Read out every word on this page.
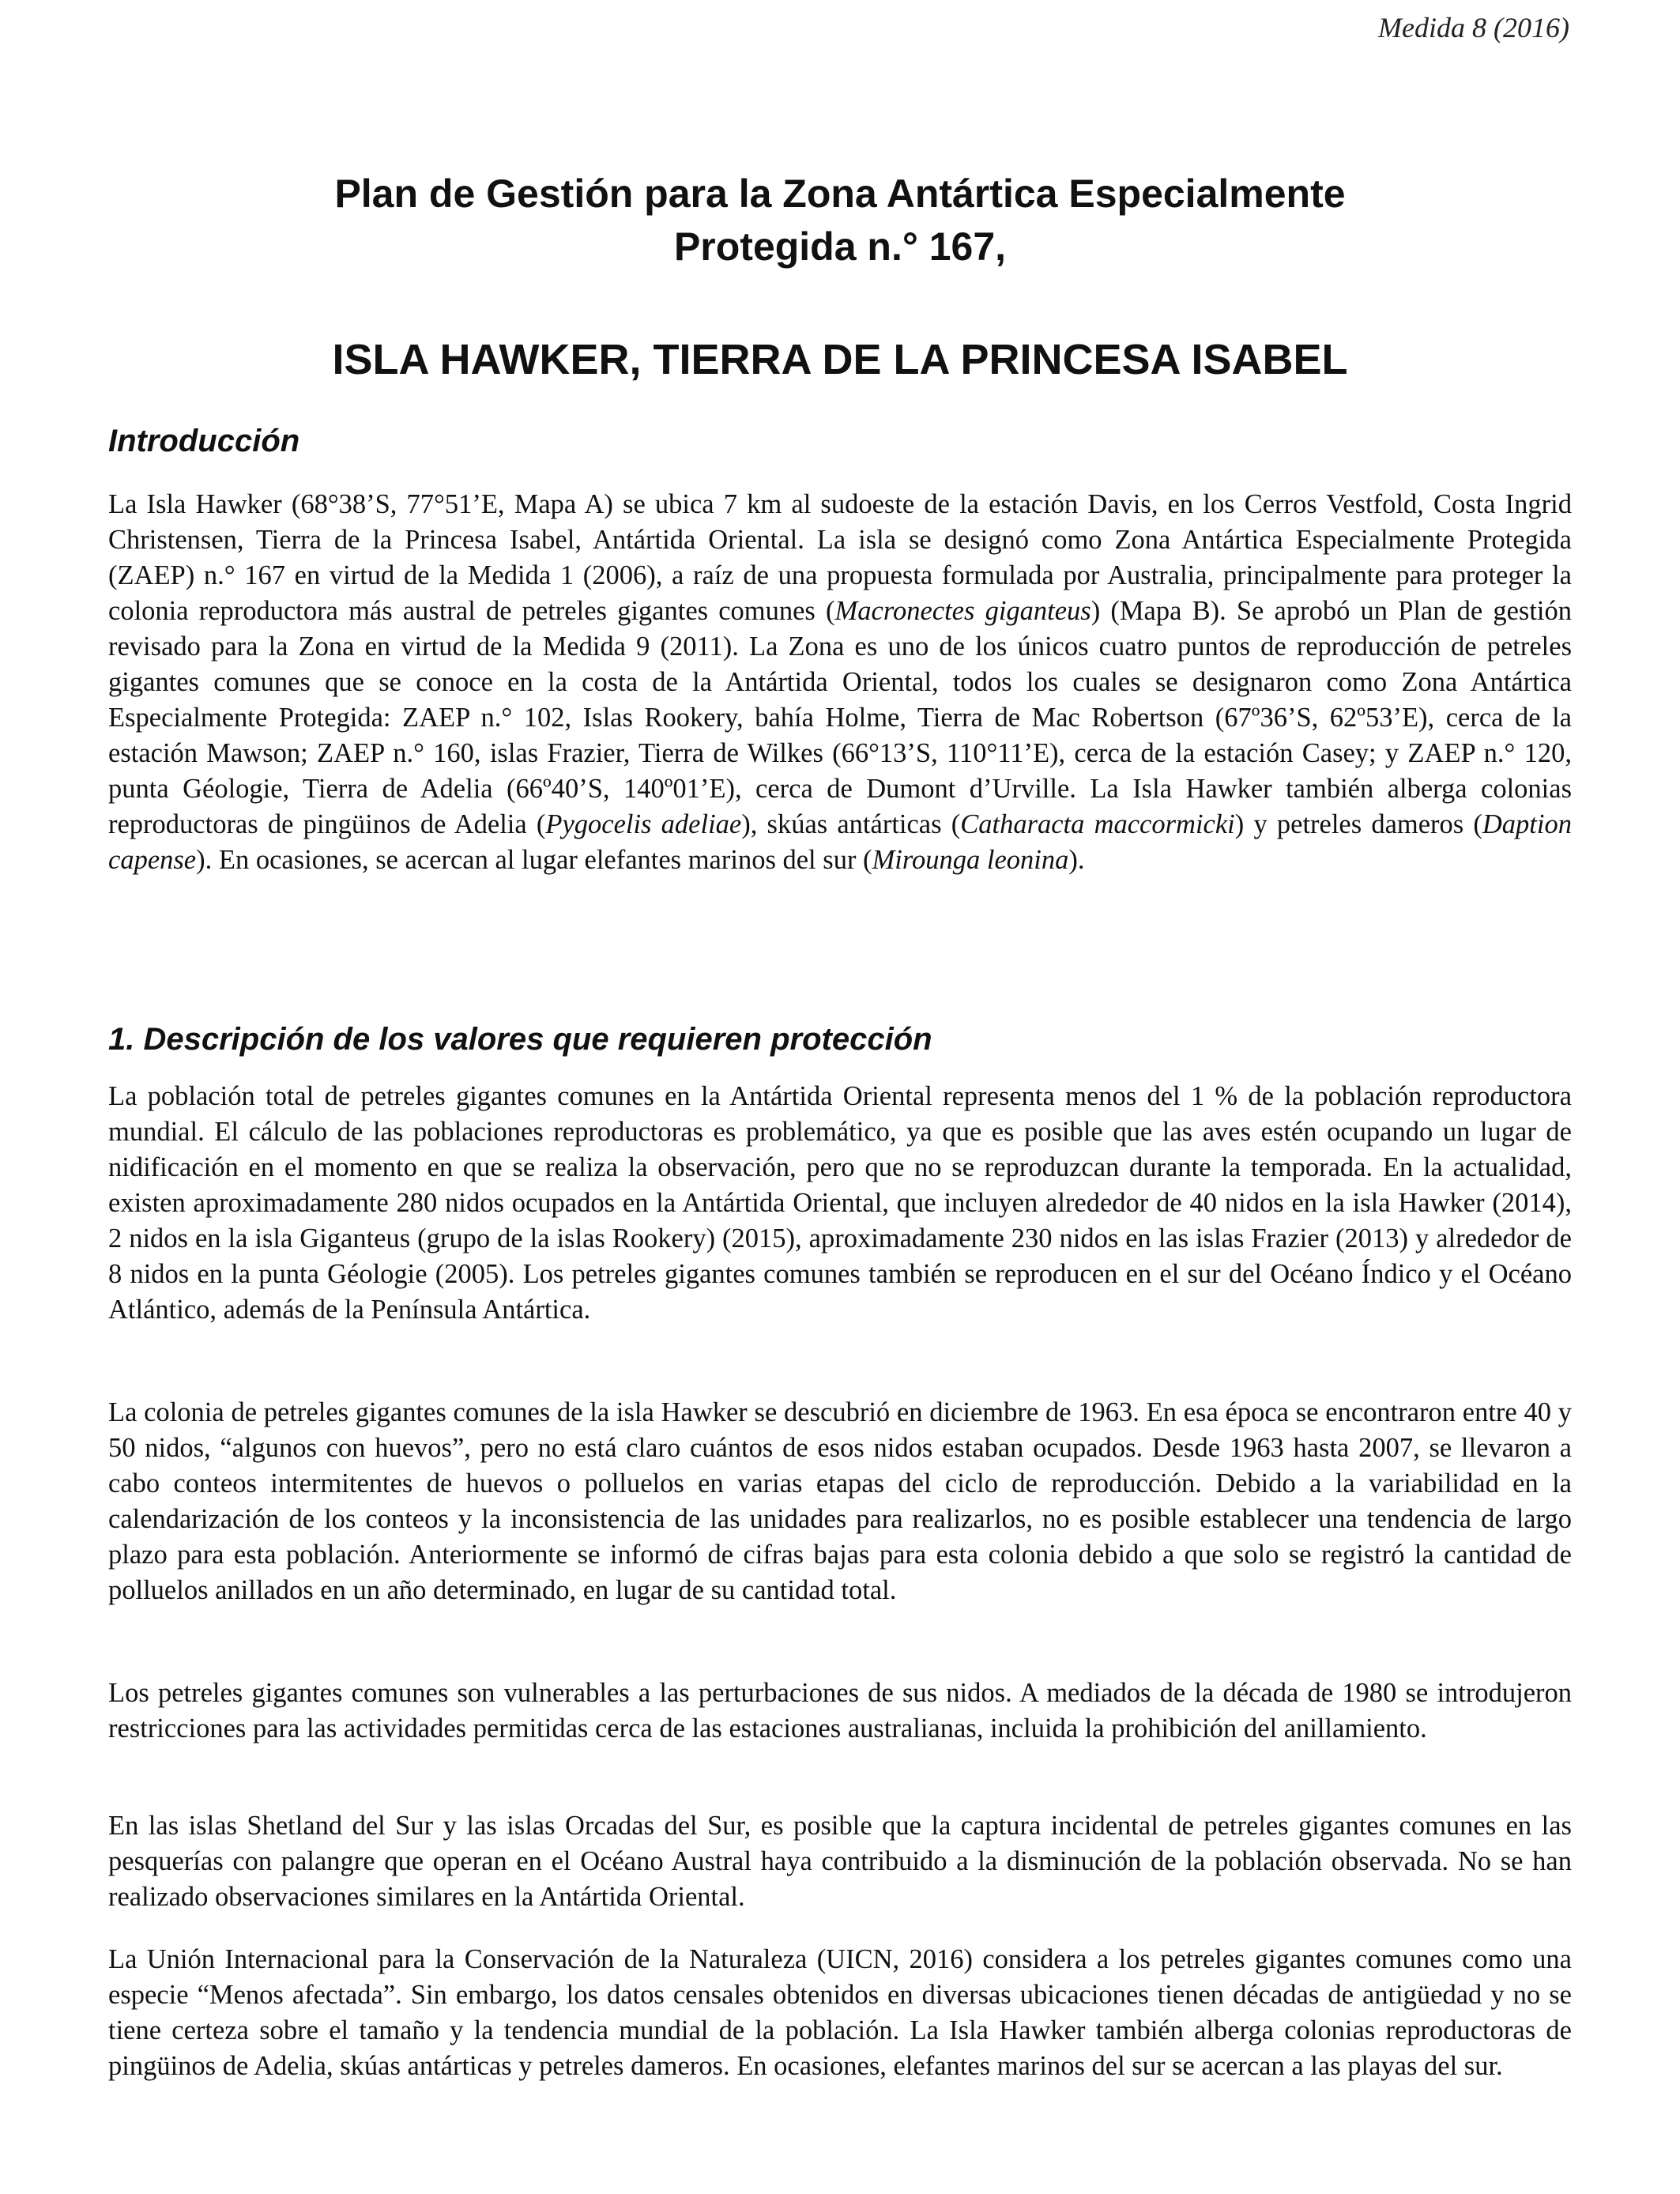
Medida 8 (2016)
Plan de Gestión para la Zona Antártica Especialmente
Protegida n.° 167,
ISLA HAWKER, TIERRA DE LA PRINCESA ISABEL
Introducción

La Isla Hawker (68°38’S, 77°51’E, Mapa A) se ubica 7 km al sudoeste de la estación Davis, en los Cerros Vestfold, Costa Ingrid Christensen, Tierra de la Princesa Isabel, Antártida Oriental. La isla se designó como Zona Antártica Especialmente Protegida (ZAEP) n.° 167 en virtud de la Medida 1 (2006), a raíz de una propuesta formulada por Australia, principalmente para proteger la colonia reproductora más austral de petreles gigantes comunes (Macronectes giganteus) (Mapa B). Se aprobó un Plan de gestión revisado para la Zona en virtud de la Medida 9 (2011). La Zona es uno de los únicos cuatro puntos de reproducción de petreles gigantes comunes que se conoce en la costa de la Antártida Oriental, todos los cuales se designaron como Zona Antártica Especialmente Protegida: ZAEP n.° 102, Islas Rookery, bahía Holme, Tierra de Mac Robertson (67º36’S, 62º53’E), cerca de la estación Mawson; ZAEP n.° 160, islas Frazier, Tierra de Wilkes (66°13’S, 110°11’E), cerca de la estación Casey; y ZAEP n.° 120, punta Géologie, Tierra de Adelia (66º40’S, 140º01’E), cerca de Dumont d’Urville. La Isla Hawker también alberga colonias reproductoras de pingüinos de Adelia (Pygocelis adeliae), skúas antárticas (Catharacta maccormicki) y petreles dameros (Daption capense). En ocasiones, se acercan al lugar elefantes marinos del sur (Mirounga leonina).

1. Descripción de los valores que requieren protección

La población total de petreles gigantes comunes en la Antártida Oriental representa menos del 1 % de la población reproductora mundial. El cálculo de las poblaciones reproductoras es problemático, ya que es posible que las aves estén ocupando un lugar de nidificación en el momento en que se realiza la observación, pero que no se reproduzcan durante la temporada. En la actualidad, existen aproximadamente 280 nidos ocupados en la Antártida Oriental, que incluyen alrededor de 40 nidos en la isla Hawker (2014), 2 nidos en la isla Giganteus (grupo de la islas Rookery) (2015), aproximadamente 230 nidos en las islas Frazier (2013) y alrededor de 8 nidos en la punta Géologie (2005). Los petreles gigantes comunes también se reproducen en el sur del Océano Índico y el Océano Atlántico, además de la Península Antártica.

La colonia de petreles gigantes comunes de la isla Hawker se descubrió en diciembre de 1963. En esa época se encontraron entre 40 y 50 nidos, “algunos con huevos”, pero no está claro cuántos de esos nidos estaban ocupados. Desde 1963 hasta 2007, se llevaron a cabo conteos intermitentes de huevos o polluelos en varias etapas del ciclo de reproducción. Debido a la variabilidad en la calendarización de los conteos y la inconsistencia de las unidades para realizarlos, no es posible establecer una tendencia de largo plazo para esta población. Anteriormente se informó de cifras bajas para esta colonia debido a que solo se registró la cantidad de polluelos anillados en un año determinado, en lugar de su cantidad total.

Los petreles gigantes comunes son vulnerables a las perturbaciones de sus nidos. A mediados de la década de 1980 se introdujeron restricciones para las actividades permitidas cerca de las estaciones australianas, incluida la prohibición del anillamiento.

En las islas Shetland del Sur y las islas Orcadas del Sur, es posible que la captura incidental de petreles gigantes comunes en las pesquerías con palangre que operan en el Océano Austral haya contribuido a la disminución de la población observada. No se han realizado observaciones similares en la Antártida Oriental.

La Unión Internacional para la Conservación de la Naturaleza (UICN, 2016) considera a los petreles gigantes comunes como una especie “Menos afectada”. Sin embargo, los datos censales obtenidos en diversas ubicaciones tienen décadas de antigüedad y no se tiene certeza sobre el tamaño y la tendencia mundial de la población. La Isla Hawker también alberga colonias reproductoras de pingüinos de Adelia, skúas antárticas y petreles dameros. En ocasiones, elefantes marinos del sur se acercan a las playas del sur.
